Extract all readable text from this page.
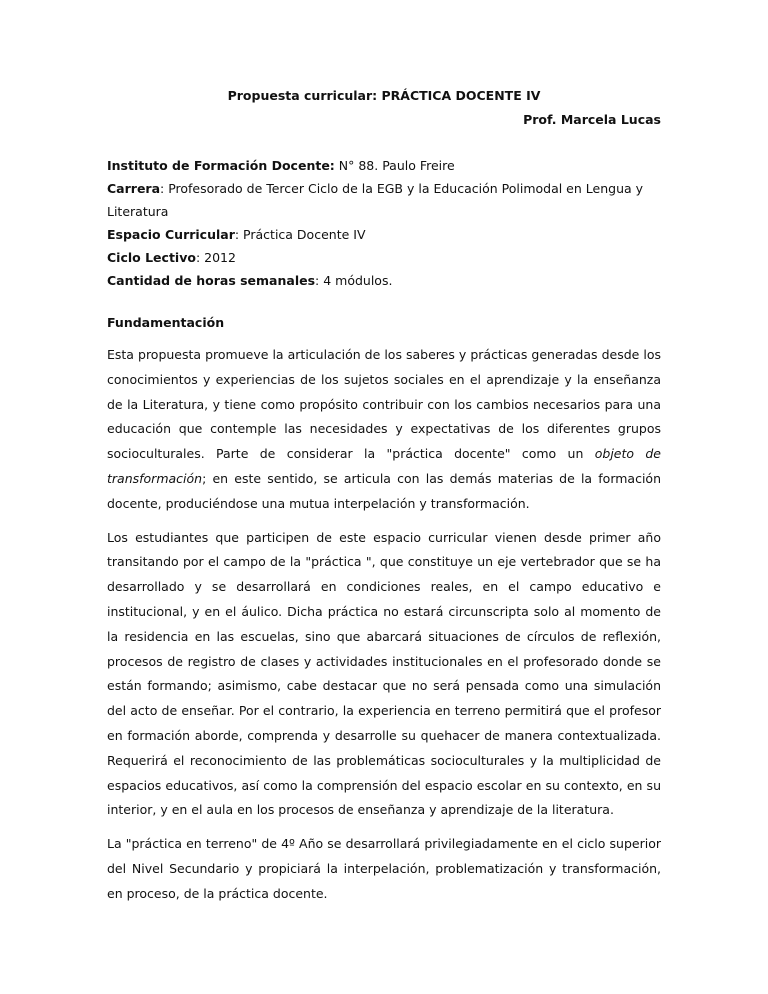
Propuesta curricular: PRÁCTICA DOCENTE IV
Prof. Marcela Lucas
Instituto de Formación Docente: N° 88. Paulo Freire
Carrera: Profesorado de Tercer Ciclo de la EGB y la Educación Polimodal en Lengua y Literatura
Espacio Curricular: Práctica Docente IV
Ciclo Lectivo: 2012
Cantidad de horas semanales: 4 módulos.
Fundamentación

Esta propuesta promueve la articulación de los saberes y prácticas generadas desde los conocimientos y experiencias de los sujetos sociales en el aprendizaje y la enseñanza de la Literatura, y tiene como propósito contribuir con los cambios necesarios para una educación que contemple las necesidades y expectativas de los diferentes grupos socioculturales. Parte de considerar la "práctica docente" como un objeto de transformación; en este sentido, se articula con las demás materias de la formación docente, produciéndose una mutua interpelación y transformación.

Los estudiantes que participen de este espacio curricular vienen desde primer año transitando por el campo de la "práctica ", que constituye un eje vertebrador que se ha desarrollado y se desarrollará en condiciones reales, en el campo educativo e institucional, y en el áulico. Dicha práctica no estará circunscripta solo al momento de la residencia en las escuelas, sino que abarcará situaciones de círculos de reflexión, procesos de registro de clases y actividades institucionales en el profesorado donde se están formando; asimismo, cabe destacar que no será pensada como una simulación del acto de enseñar. Por el contrario, la experiencia en terreno permitirá que el profesor en formación aborde, comprenda y desarrolle su quehacer de manera contextualizada. Requerirá el reconocimiento de las problemáticas socioculturales y la multiplicidad de espacios educativos, así como la comprensión del espacio escolar en su contexto, en su interior, y en el aula en los procesos de enseñanza y aprendizaje de la literatura.

La "práctica en terreno" de 4º Año se desarrollará privilegiadamente en el ciclo superior del Nivel Secundario y propiciará la interpelación, problematización y transformación, en proceso, de la práctica docente.
